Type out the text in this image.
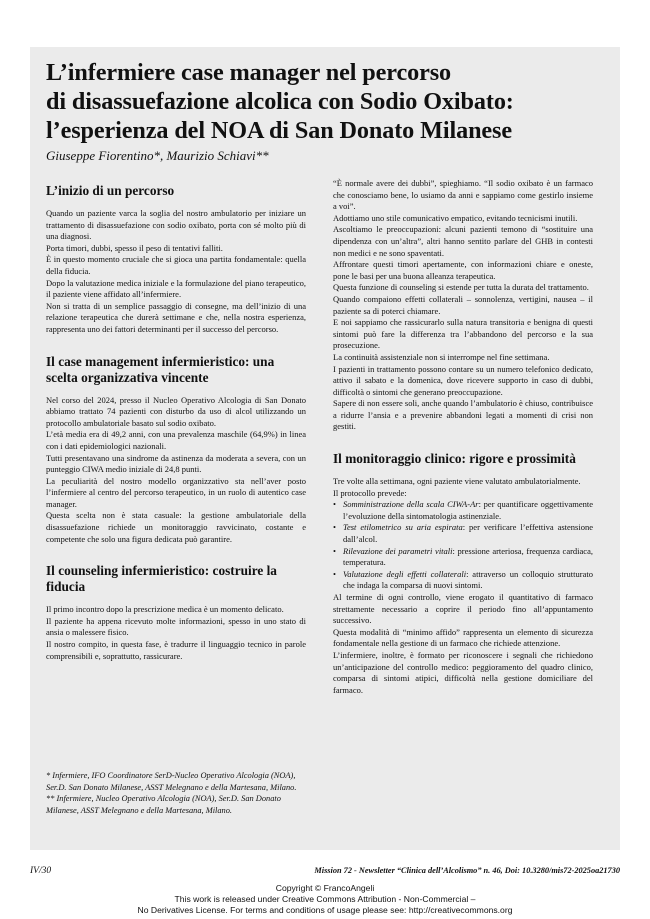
L’infermiere case manager nel percorso
di disassuefazione alcolica con Sodio Oxibato:
l’esperienza del NOA di San Donato Milanese
Giuseppe Fiorentino*, Maurizio Schiavi**
L’inizio di un percorso

Quando un paziente varca la soglia del nostro ambulatorio per iniziare un trattamento di disassuefazione con sodio oxibato, porta con sé molto più di una diagnosi.

Porta timori, dubbi, spesso il peso di tentativi falliti.

È in questo momento cruciale che si gioca una partita fondamentale: quella della fiducia.

Dopo la valutazione medica iniziale e la formulazione del piano terapeutico, il paziente viene affidato all’infermiere.

Non si tratta di un semplice passaggio di consegne, ma dell’inizio di una relazione terapeutica che durerà settimane e che, nella nostra esperienza, rappresenta uno dei fattori determinanti per il successo del percorso.

Il case management infermieristico: una scelta organizzativa vincente

Nel corso del 2024, presso il Nucleo Operativo Alcologia di San Donato abbiamo trattato 74 pazienti con disturbo da uso di alcol utilizzando un protocollo ambulatoriale basato sul sodio oxibato.

L’età media era di 49,2 anni, con una prevalenza maschile (64,9%) in linea con i dati epidemiologici nazionali.

Tutti presentavano una sindrome da astinenza da moderata a severa, con un punteggio CIWA medio iniziale di 24,8 punti.

La peculiarità del nostro modello organizzativo sta nell’aver posto l’infermiere al centro del percorso terapeutico, in un ruolo di autentico case manager.

Questa scelta non è stata casuale: la gestione ambulatoriale della disassuefazione richiede un monitoraggio ravvicinato, costante e competente che solo una figura dedicata può garantire.

Il counseling infermieristico: costruire la fiducia

Il primo incontro dopo la prescrizione medica è un momento delicato.

Il paziente ha appena ricevuto molte informazioni, spesso in uno stato di ansia o malessere fisico.

Il nostro compito, in questa fase, è tradurre il linguaggio tecnico in parole comprensibili e, soprattutto, rassicurare.

* Infermiere, IFO Coordinatore SerD-Nucleo Operativo Alcologia (NOA), Ser.D. San Donato Milanese, ASST Melegnano e della Martesana, Milano.

** Infermiere, Nucleo Operativo Alcologia (NOA), Ser.D. San Donato Milanese, ASST Melegnano e della Martesana, Milano.

“È normale avere dei dubbi”, spieghiamo. “Il sodio oxibato è un farmaco che conosciamo bene, lo usiamo da anni e sappiamo come gestirlo insieme a voi”.

Adottiamo uno stile comunicativo empatico, evitando tecnicismi inutili.

Ascoltiamo le preoccupazioni: alcuni pazienti temono di “sostituire una dipendenza con un’altra”, altri hanno sentito parlare del GHB in contesti non medici e ne sono spaventati.

Affrontare questi timori apertamente, con informazioni chiare e oneste, pone le basi per una buona alleanza terapeutica.

Questa funzione di counseling si estende per tutta la durata del trattamento.

Quando compaiono effetti collaterali – sonnolenza, vertigini, nausea – il paziente sa di poterci chiamare.

E noi sappiamo che rassicurarlo sulla natura transitoria e benigna di questi sintomi può fare la differenza tra l’abbandono del percorso e la sua prosecuzione.

La continuità assistenziale non si interrompe nel fine settimana.

I pazienti in trattamento possono contare su un numero telefonico dedicato, attivo il sabato e la domenica, dove ricevere supporto in caso di dubbi, difficoltà o sintomi che generano preoccupazione.

Sapere di non essere soli, anche quando l’ambulatorio è chiuso, contribuisce a ridurre l’ansia e a prevenire abbandoni legati a momenti di crisi non gestiti.

Il monitoraggio clinico: rigore e prossimità

Tre volte alla settimana, ogni paziente viene valutato ambulatorialmente.

Il protocollo prevede:

• Somministrazione della scala CIWA-Ar: per quantificare oggettivamente l’evoluzione della sintomatologia astinenziale.
• Test etilometrico su aria espirata: per verificare l’effettiva astensione dall’alcol.
• Rilevazione dei parametri vitali: pressione arteriosa, frequenza cardiaca, temperatura.
• Valutazione degli effetti collaterali: attraverso un colloquio strutturato che indaga la comparsa di nuovi sintomi.

Al termine di ogni controllo, viene erogato il quantitativo di farmaco strettamente necessario a coprire il periodo fino all’appuntamento successivo.

Questa modalità di “minimo affido” rappresenta un elemento di sicurezza fondamentale nella gestione di un farmaco che richiede attenzione.

L’infermiere, inoltre, è formato per riconoscere i segnali che richiedono un’anticipazione del controllo medico: peggioramento del quadro clinico, comparsa di sintomi atipici, difficoltà nella gestione domiciliare del farmaco.

IV/30	Mission 72 - Newsletter “Clinica dell’Alcolismo” n. 46, Doi: 10.3280/mis72-2025oa21730
Copyright © FrancoAngeli
This work is released under Creative Commons Attribution - Non-Commercial –
No Derivatives License. For terms and conditions of usage please see: http://creativecommons.org
